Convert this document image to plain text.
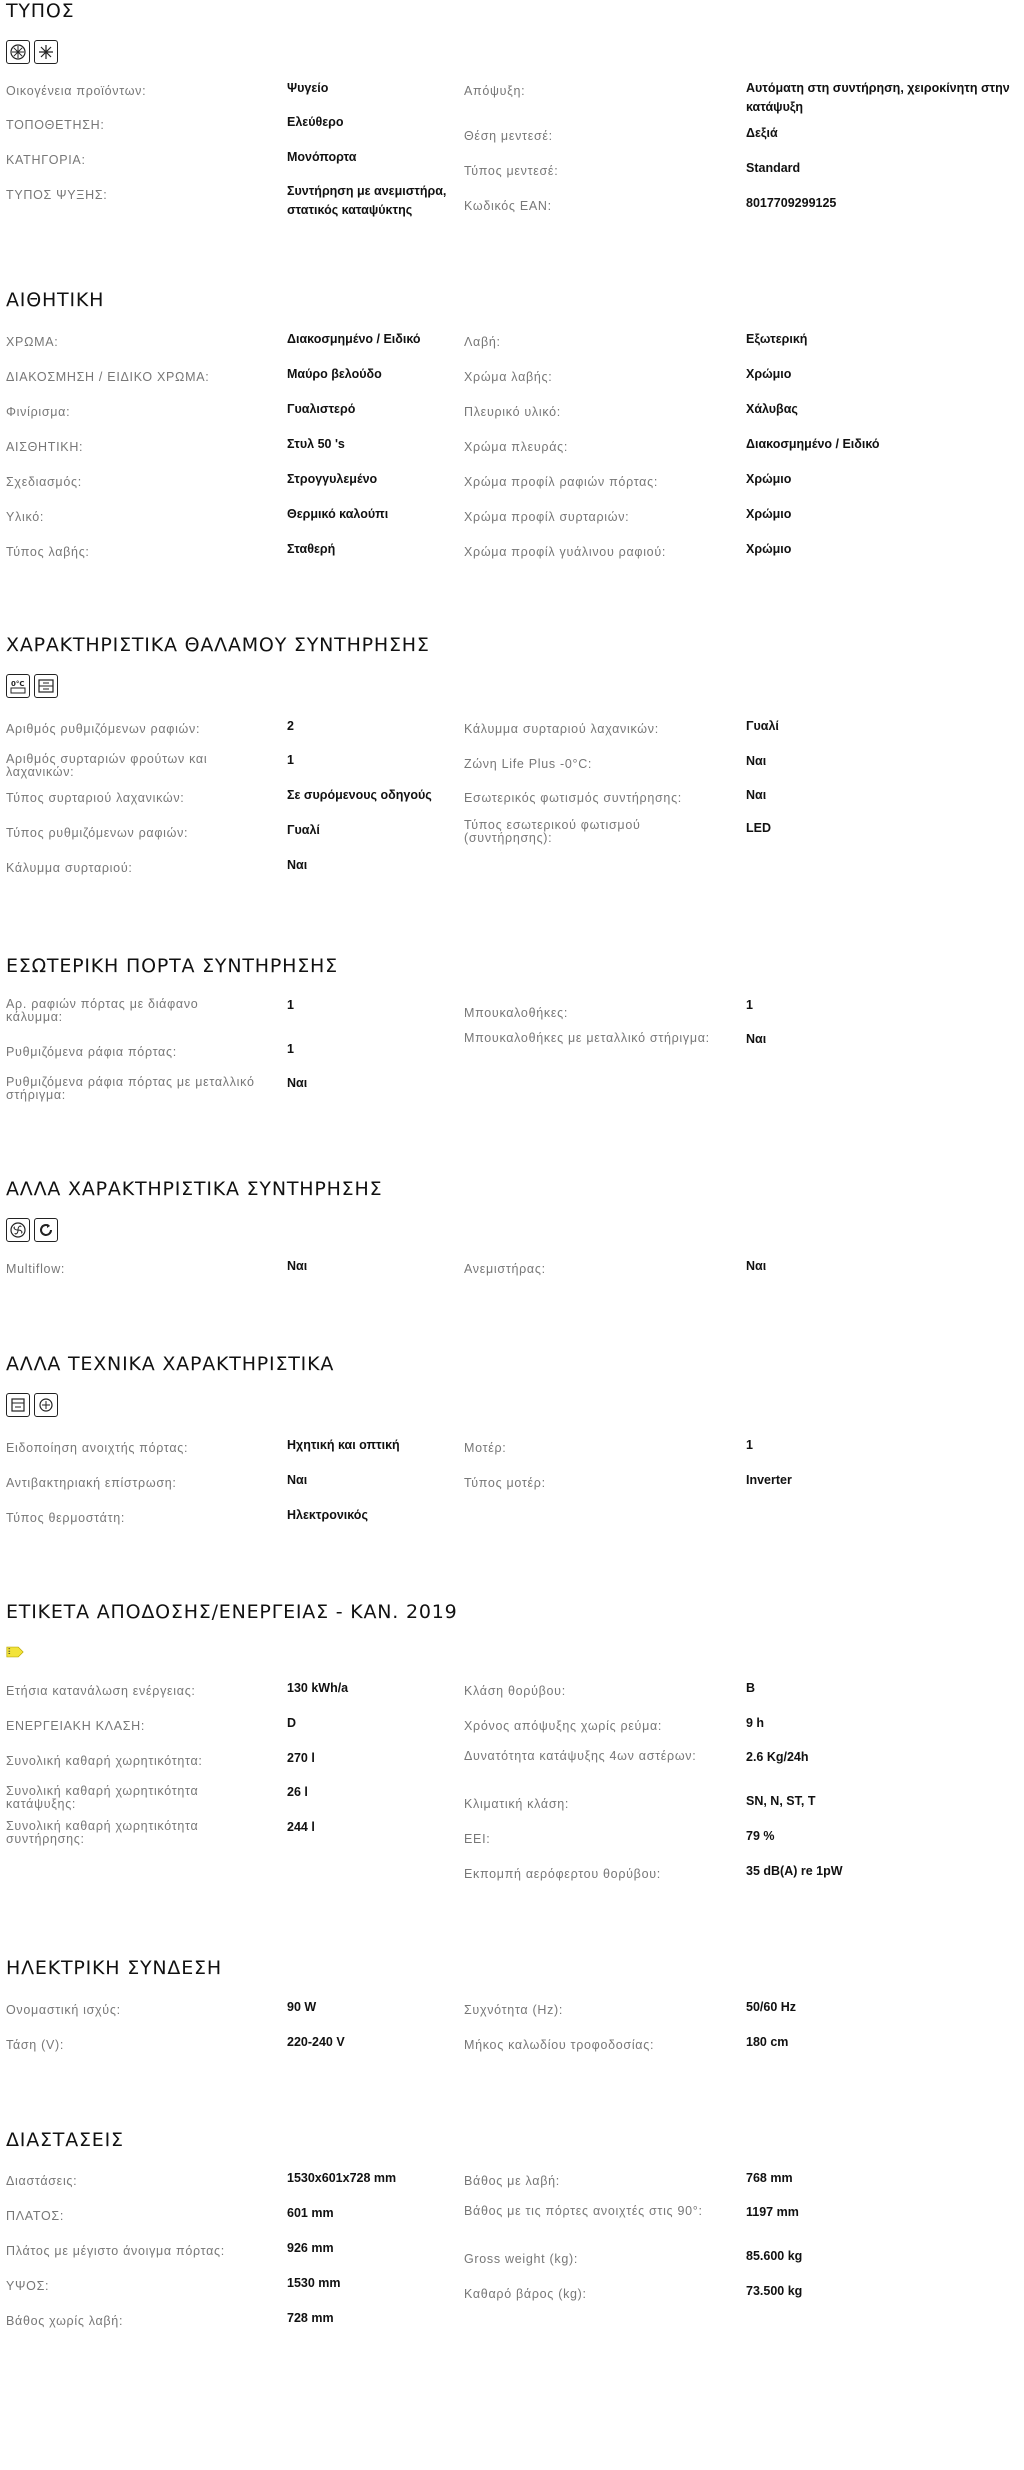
ΤΥΠΟΣ
Οικογένεια προϊόντων:	Ψυγείο
ΤΟΠΟΘΕΤΗΣΗ:	Ελεύθερο
ΚΑΤΗΓΟΡΙΑ:	Μονόπορτα
ΤΥΠΟΣ ΨΥΞΗΣ:	Συντήρηση με ανεμιστήρα, στατικός καταψύκτης
Απόψυξη:	Αυτόματη στη συντήρηση, χειροκίνητη στην κατάψυξη
Θέση μεντεσέ:	Δεξιά
Τύπος μεντεσέ:	Standard
Κωδικός EAN:	8017709299125
ΑΙΘΗΤΙΚΗ
ΧΡΩΜΑ:	Διακοσμημένο / Ειδικό
ΔΙΑΚΟΣΜΗΣΗ / ΕΙΔΙΚΟ ΧΡΩΜΑ:	Μαύρο βελούδο
Φινίρισμα:	Γυαλιστερό
ΑΙΣΘΗΤΙΚΗ:	Στυλ 50 's
Σχεδιασμός:	Στρογγυλεμένο
Υλικό:	Θερμικό καλούπι
Τύπος λαβής:	Σταθερή
Λαβή:	Εξωτερική
Χρώμα λαβής:	Χρώμιο
Πλευρικό υλικό:	Χάλυβας
Χρώμα πλευράς:	Διακοσμημένο / Ειδικό
Χρώμα προφίλ ραφιών πόρτας:	Χρώμιο
Χρώμα προφίλ συρταριών:	Χρώμιο
Χρώμα προφίλ γυάλινου ραφιού:	Χρώμιο
ΧΑΡΑΚΤΗΡΙΣΤΙΚΑ ΘΑΛΑΜΟΥ ΣΥΝΤΗΡΗΣΗΣ
0°C
Αριθμός ρυθμιζόμενων ραφιών:	2
Αριθμός συρταριών φρούτων και λαχανικών:
1
Τύπος συρταριού λαχανικών:	Σε συρόμενους οδηγούς
Τύπος ρυθμιζόμενων ραφιών:	Γυαλί
Κάλυμμα συρταριού:	Ναι
Κάλυμμα συρταριού λαχανικών:	Γυαλί
Ζώνη Life Plus -0°C:	Ναι
Εσωτερικός φωτισμός συντήρησης:	Ναι
Τύπος εσωτερικού φωτισμού (συντήρησης):
LED
ΕΣΩΤΕΡΙΚΗ ΠΟΡΤΑ ΣΥΝΤΗΡΗΣΗΣ
Αρ. ραφιών πόρτας με διάφανο κάλυμμα:
1
Ρυθμιζόμενα ράφια πόρτας:	1
Ρυθμιζόμενα ράφια πόρτας με μεταλλικό στήριγμα:
Ναι
Μπουκαλοθήκες:
1
Μπουκαλοθήκες με μεταλλικό στήριγμα:	Ναι
ΑΛΛΑ ΧΑΡΑΚΤΗΡΙΣΤΙΚΑ ΣΥΝΤΗΡΗΣΗΣ
Multiflow:	Ναι	Ανεμιστήρας:	Ναι
ΑΛΛΑ ΤΕΧΝΙΚΑ ΧΑΡΑΚΤΗΡΙΣΤΙΚΑ
Ειδοποίηση ανοιχτής πόρτας:	Ηχητική και οπτική
Αντιβακτηριακή επίστρωση:	Ναι
Τύπος θερμοστάτη:	Ηλεκτρονικός
Μοτέρ:	1
Τύπος μοτέρ:	Inverter
ΕΤΙΚΕΤΑ ΑΠΟΔΟΣΗΣ/ΕΝΕΡΓΕΙΑΣ - ΚΑΝ. 2019
Ετήσια κατανάλωση ενέργειας:	130 kWh/a
ΕΝΕΡΓΕΙΑΚΗ ΚΛΑΣΗ:	D
Συνολική καθαρή χωρητικότητα:	270 l
Συνολική καθαρή χωρητικότητα κατάψυξης:
26 l
Συνολική καθαρή χωρητικότητα συντήρησης:
244 l
Κλάση θορύβου:	B
Χρόνος απόψυξης χωρίς ρεύμα:	9 h
Δυνατότητα κατάψυξης 4ων αστέρων:	2.6 Kg/24h
Κλιματική κλάση:	SN, N, ST, T
EEI:	79 %
Εκπομπή αερόφερτου θορύβου:	35 dB(A) re 1pW
ΗΛΕΚΤΡΙΚΗ ΣΥΝΔΕΣΗ
Ονομαστική ισχύς:	90 W
Τάση (V):	220-240 V
Συχνότητα (Hz):	50/60 Hz
Μήκος καλωδίου τροφοδοσίας:	180 cm
ΔΙΑΣΤΑΣΕΙΣ
Διαστάσεις:	1530x601x728 mm
ΠΛΑΤΟΣ:	601 mm
Πλάτος με μέγιστο άνοιγμα πόρτας:	926 mm
ΥΨΟΣ:	1530 mm
Βάθος χωρίς λαβή:	728 mm
Βάθος με λαβή:	768 mm
Βάθος με τις πόρτες ανοιχτές στις 90°:	1197 mm
Gross weight (kg):	85.600 kg
Καθαρό βάρος (kg):	73.500 kg
